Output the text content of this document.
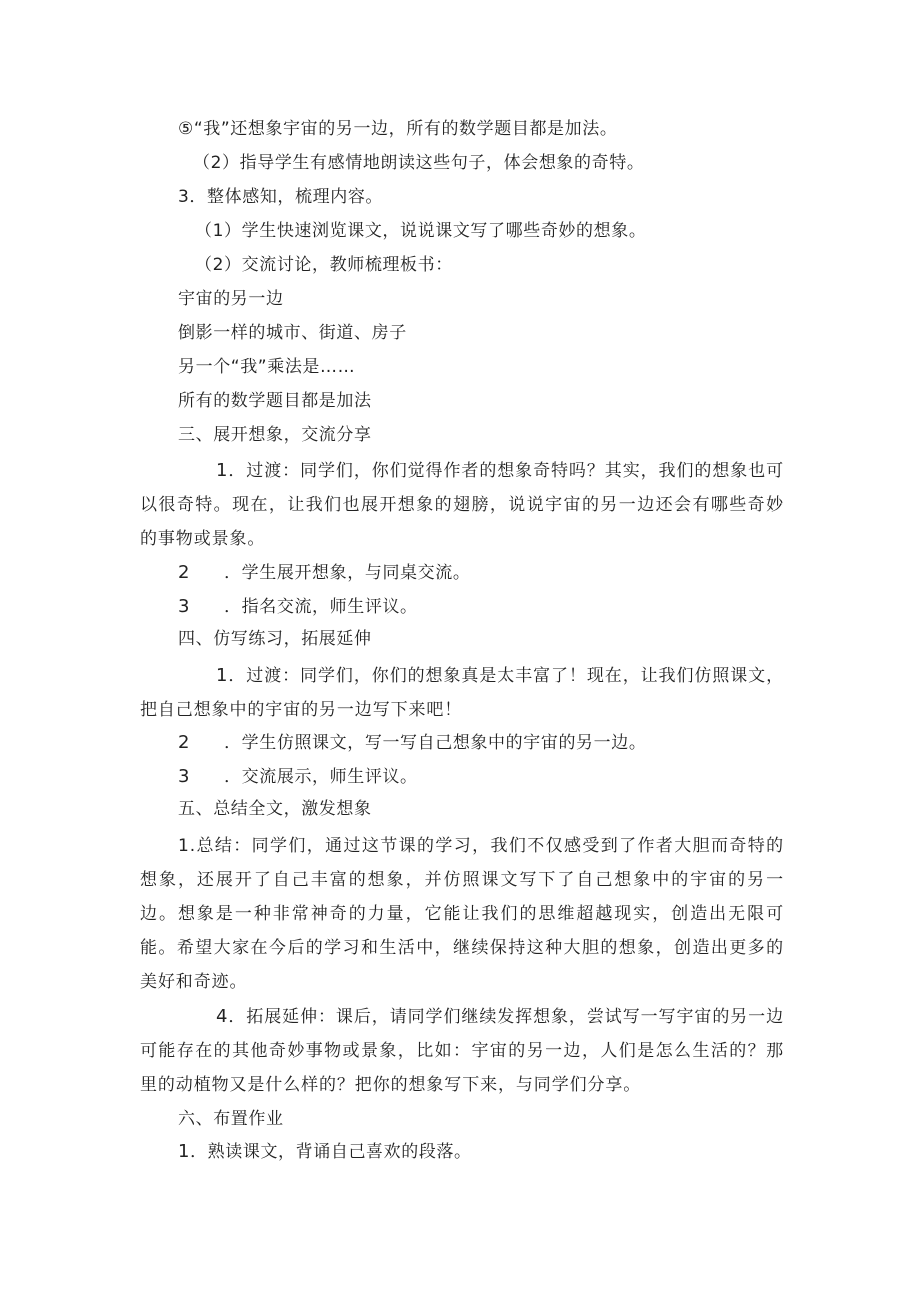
⑤“我”还想象宇宙的另一边，所有的数学题目都是加法。
（2）指导学生有感情地朗读这些句子，体会想象的奇特。
3．整体感知，梳理内容。
（1）学生快速浏览课文，说说课文写了哪些奇妙的想象。
（2）交流讨论，教师梳理板书：
宇宙的另一边
倒影一样的城市、街道、房子
另一个“我”乘法是……
所有的数学题目都是加法
三、展开想象，交流分享
1．过渡：同学们，你们觉得作者的想象奇特吗？其实，我们的想象也可以很奇特。现在，让我们也展开想象的翅膀，说说宇宙的另一边还会有哪些奇妙的事物或景象。
2 ．学生展开想象，与同桌交流。
3 ．指名交流，师生评议。
四、仿写练习，拓展延伸
1．过渡：同学们，你们的想象真是太丰富了！现在，让我们仿照课文，把自己想象中的宇宙的另一边写下来吧！
2 ．学生仿照课文，写一写自己想象中的宇宙的另一边。
3 ．交流展示，师生评议。
五、总结全文，激发想象
1.总结：同学们，通过这节课的学习，我们不仅感受到了作者大胆而奇特的想象，还展开了自己丰富的想象，并仿照课文写下了自己想象中的宇宙的另一边。想象是一种非常神奇的力量，它能让我们的思维超越现实，创造出无限可能。希望大家在今后的学习和生活中，继续保持这种大胆的想象，创造出更多的美好和奇迹。
4．拓展延伸：课后，请同学们继续发挥想象，尝试写一写宇宙的另一边可能存在的其他奇妙事物或景象，比如：宇宙的另一边，人们是怎么生活的？那里的动植物又是什么样的？把你的想象写下来，与同学们分享。
六、布置作业
1．熟读课文，背诵自己喜欢的段落。
